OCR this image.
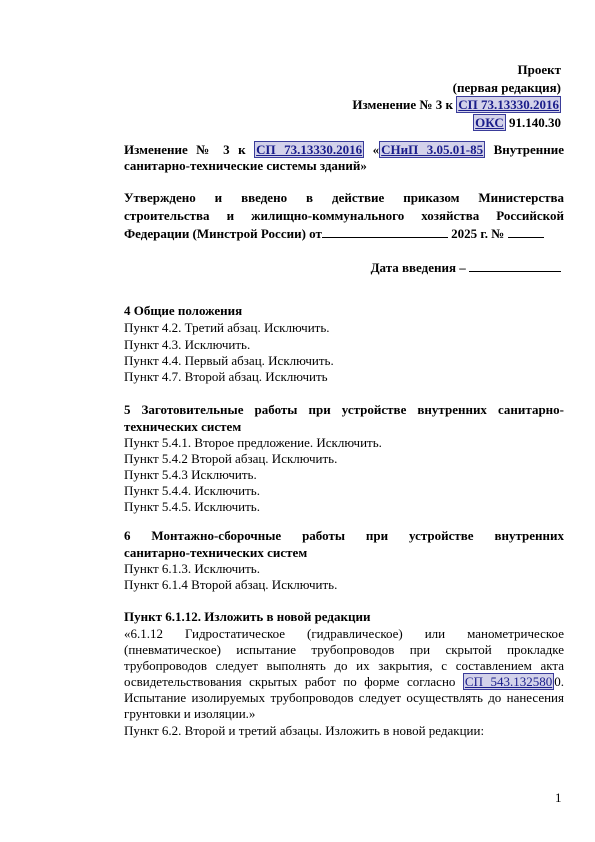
Проект
(первая редакция)
Изменение № 3 к СП 73.13330.2016
ОКС 91.140.30
Изменение № 3 к СП 73.13330.2016 « СНиП 3.05.01-85 Внутренние
санитарно-технические системы зданий»
Утверждено и введено в действие приказом Министерства
строительства и жилищно-коммунального хозяйства Российской
Федерации (Минстрой России) от	2025 г. №
Дата введения –
4 Общие положения
Пункт 4.2. Третий абзац. Исключить.
Пункт 4.3. Исключить.
Пункт 4.4. Первый абзац. Исключить.
Пункт 4.7. Второй абзац. Исключить
5 Заготовительные работы при устройстве внутренних санитарно-
технических систем
Пункт 5.4.1. Второе предложение. Исключить.
Пункт 5.4.2 Второй абзац. Исключить.
Пункт 5.4.3 Исключить.
Пункт 5.4.4. Исключить.
Пункт 5.4.5. Исключить.
6 Монтажно-сборочные работы при устройстве внутренних
санитарно-технических систем
Пункт 6.1.3. Исключить.
Пункт 6.1.4 Второй абзац. Исключить.
Пункт 6.1.12. Изложить в новой редакции
«6.1.12 Гидростатическое (гидравлическое) или манометрическое
(пневматическое) испытание трубопроводов при скрытой прокладке
трубопроводов следует выполнять до их закрытия, с составлением акта
освидетельствования скрытых работ по форме согласно СП 543.132580 0.
Испытание изолируемых трубопроводов следует осуществлять до нанесения
грунтовки и изоляции.»
Пункт 6.2. Второй и третий абзацы. Изложить в новой редакции:
1
